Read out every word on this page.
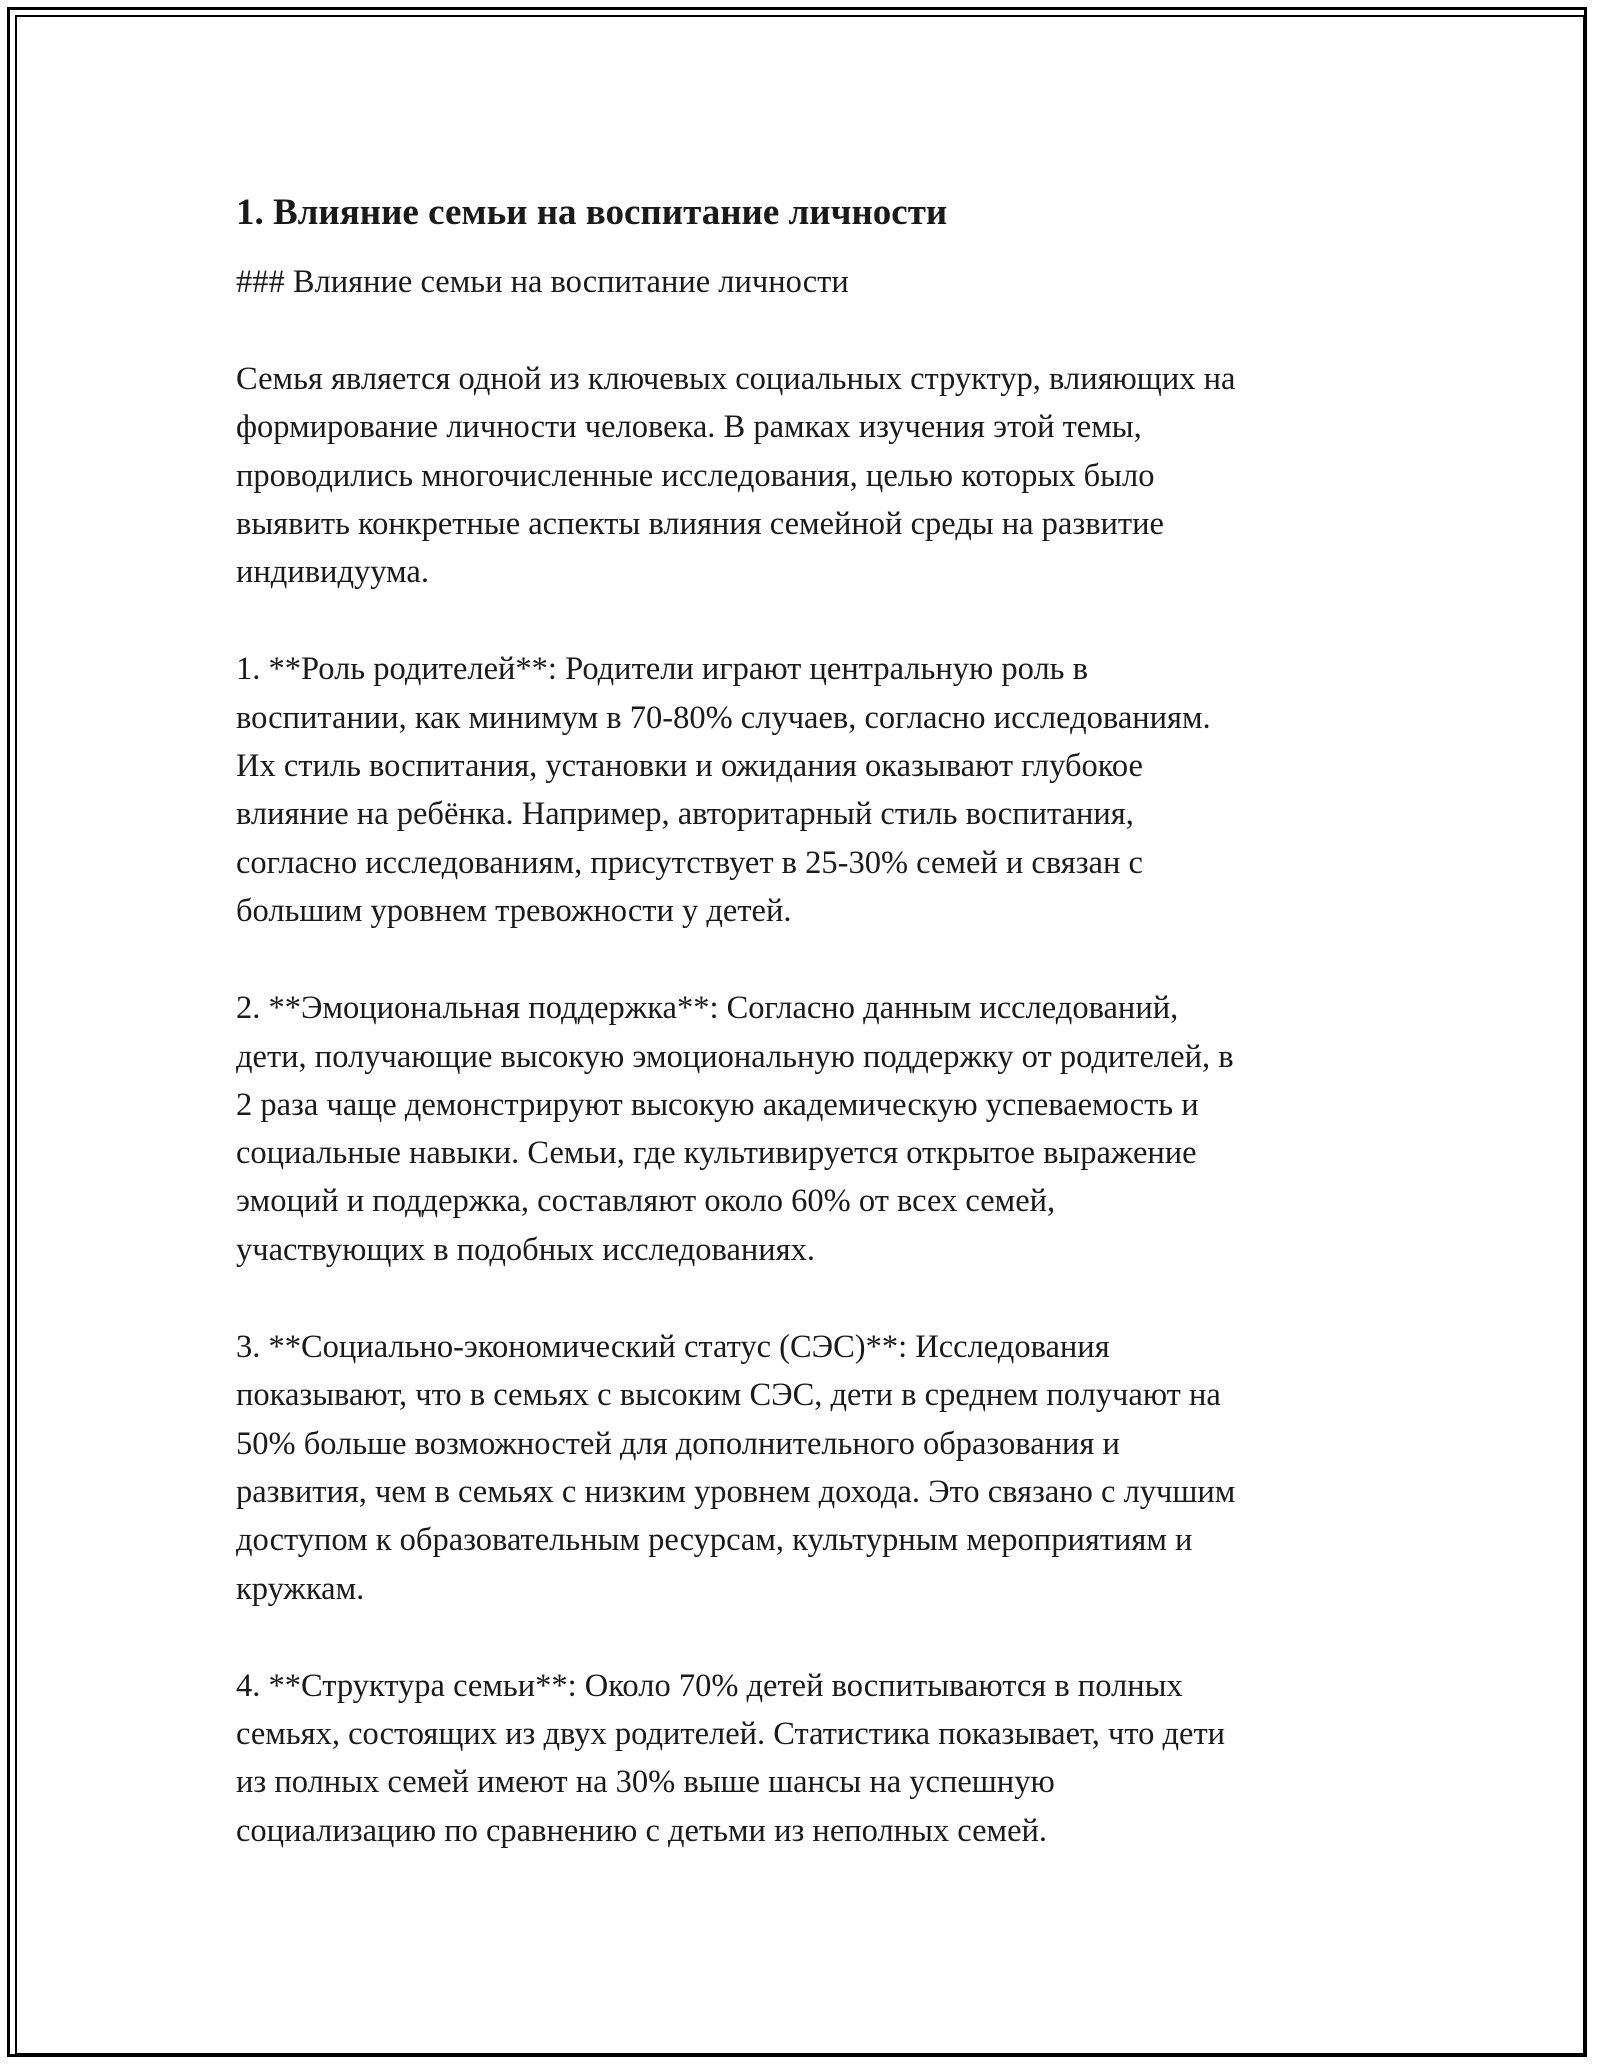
1. Влияние семьи на воспитание личности

### Влияние семьи на воспитание личности

Семья является одной из ключевых социальных структур, влияющих на
формирование личности человека. В рамках изучения этой темы,
проводились многочисленные исследования, целью которых было
выявить конкретные аспекты влияния семейной среды на развитие
индивидуума.

1. **Роль родителей**: Родители играют центральную роль в
воспитании, как минимум в 70-80% случаев, согласно исследованиям.
Их стиль воспитания, установки и ожидания оказывают глубокое
влияние на ребёнка. Например, авторитарный стиль воспитания,
согласно исследованиям, присутствует в 25-30% семей и связан с
большим уровнем тревожности у детей.

2. **Эмоциональная поддержка**: Согласно данным исследований,
дети, получающие высокую эмоциональную поддержку от родителей, в
2 раза чаще демонстрируют высокую академическую успеваемость и
социальные навыки. Семьи, где культивируется открытое выражение
эмоций и поддержка, составляют около 60% от всех семей,
участвующих в подобных исследованиях.

3. **Социально-экономический статус (СЭС)**: Исследования
показывают, что в семьях с высоким СЭС, дети в среднем получают на
50% больше возможностей для дополнительного образования и
развития, чем в семьях с низким уровнем дохода. Это связано с лучшим
доступом к образовательным ресурсам, культурным мероприятиям и
кружкам.

4. **Структура семьи**: Около 70% детей воспитываются в полных
семьях, состоящих из двух родителей. Статистика показывает, что дети
из полных семей имеют на 30% выше шансы на успешную
социализацию по сравнению с детьми из неполных семей.
